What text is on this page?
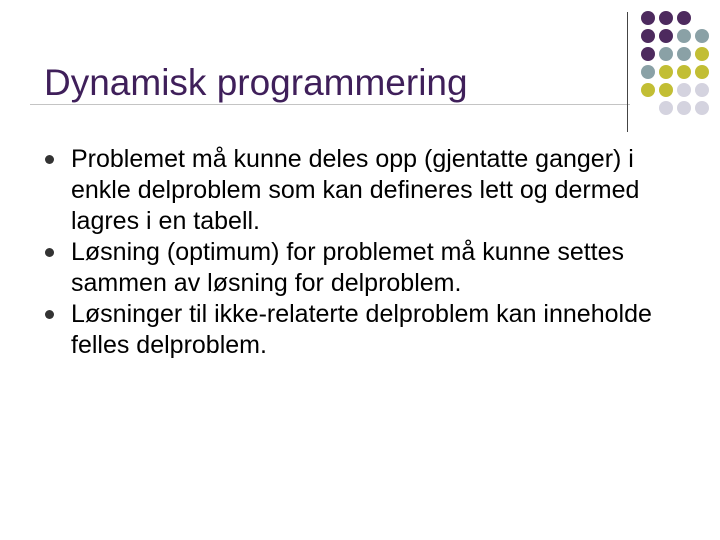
Dynamisk programmering
Problemet må kunne deles opp (gjentatte ganger) i enkle delproblem som kan defineres lett og dermed lagres i en tabell.
Løsning (optimum) for problemet må kunne settes sammen av løsning for delproblem.
Løsninger til ikke-relaterte delproblem kan inneholde felles delproblem.
